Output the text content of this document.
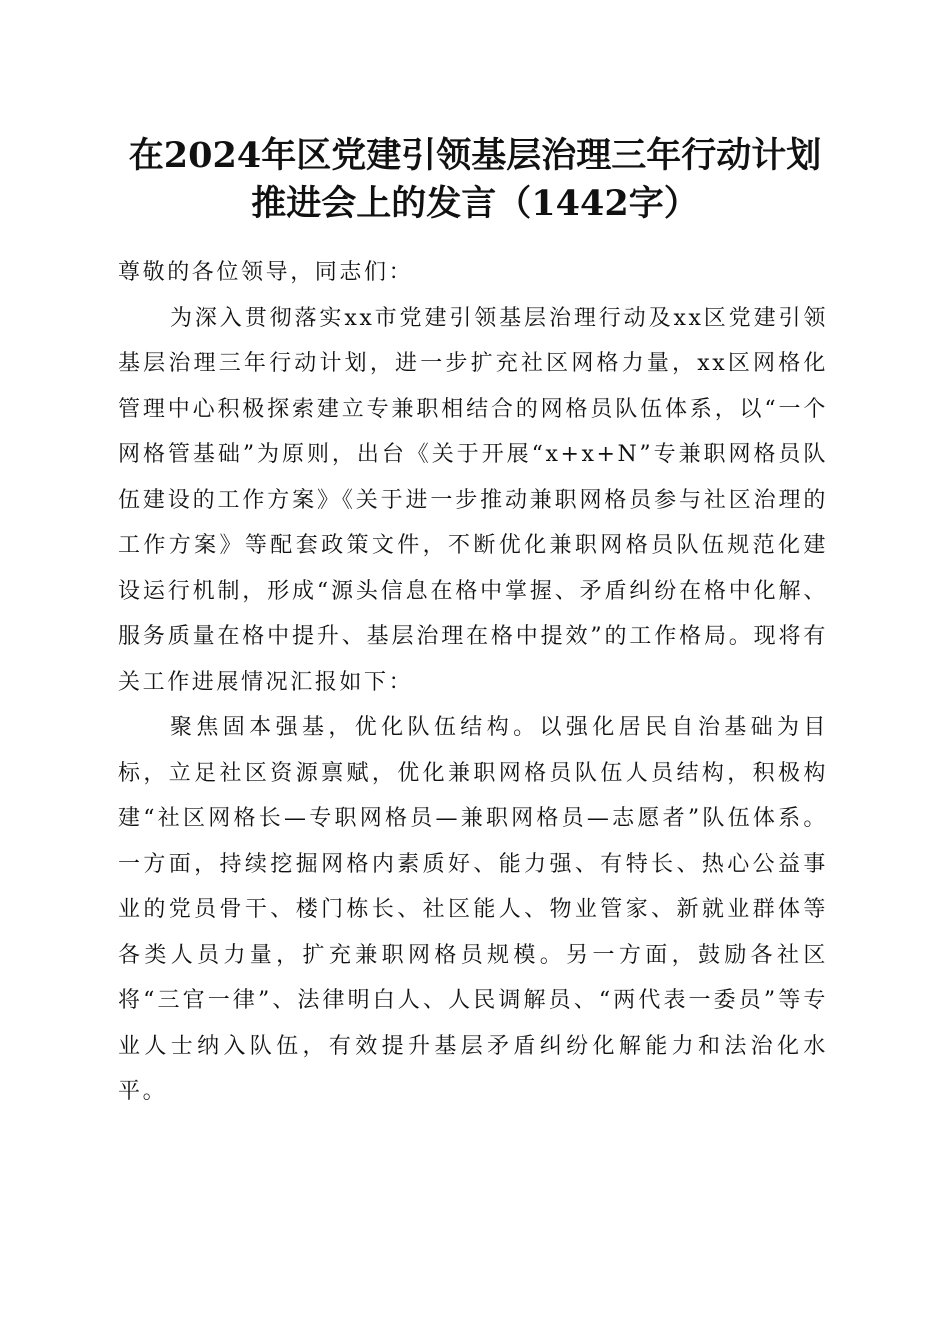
在2024年区党建引领基层治理三年行动计划
推进会上的发言（1442字）

尊敬的各位领导，同志们：

为深入贯彻落实xx市党建引领基层治理行动及xx区党建引领基层治理三年行动计划，进一步扩充社区网格力量，xx区网格化管理中心积极探索建立专兼职相结合的网格员队伍体系，以“一个网格管基础”为原则，出台《关于开展“x+x+N”专兼职网格员队伍建设的工作方案》《关于进一步推动兼职网格员参与社区治理的工作方案》等配套政策文件，不断优化兼职网格员队伍规范化建设运行机制，形成“源头信息在格中掌握、矛盾纠纷在格中化解、服务质量在格中提升、基层治理在格中提效”的工作格局。现将有关工作进展情况汇报如下：

聚焦固本强基，优化队伍结构。以强化居民自治基础为目标，立足社区资源禀赋，优化兼职网格员队伍人员结构，积极构建“社区网格长—专职网格员—兼职网格员—志愿者”队伍体系。一方面，持续挖掘网格内素质好、能力强、有特长、热心公益事业的党员骨干、楼门栋长、社区能人、物业管家、新就业群体等各类人员力量，扩充兼职网格员规模。另一方面，鼓励各社区将“三官一律”、法律明白人、人民调解员、“两代表一委员”等专业人士纳入队伍，有效提升基层矛盾纠纷化解能力和法治化水平。
